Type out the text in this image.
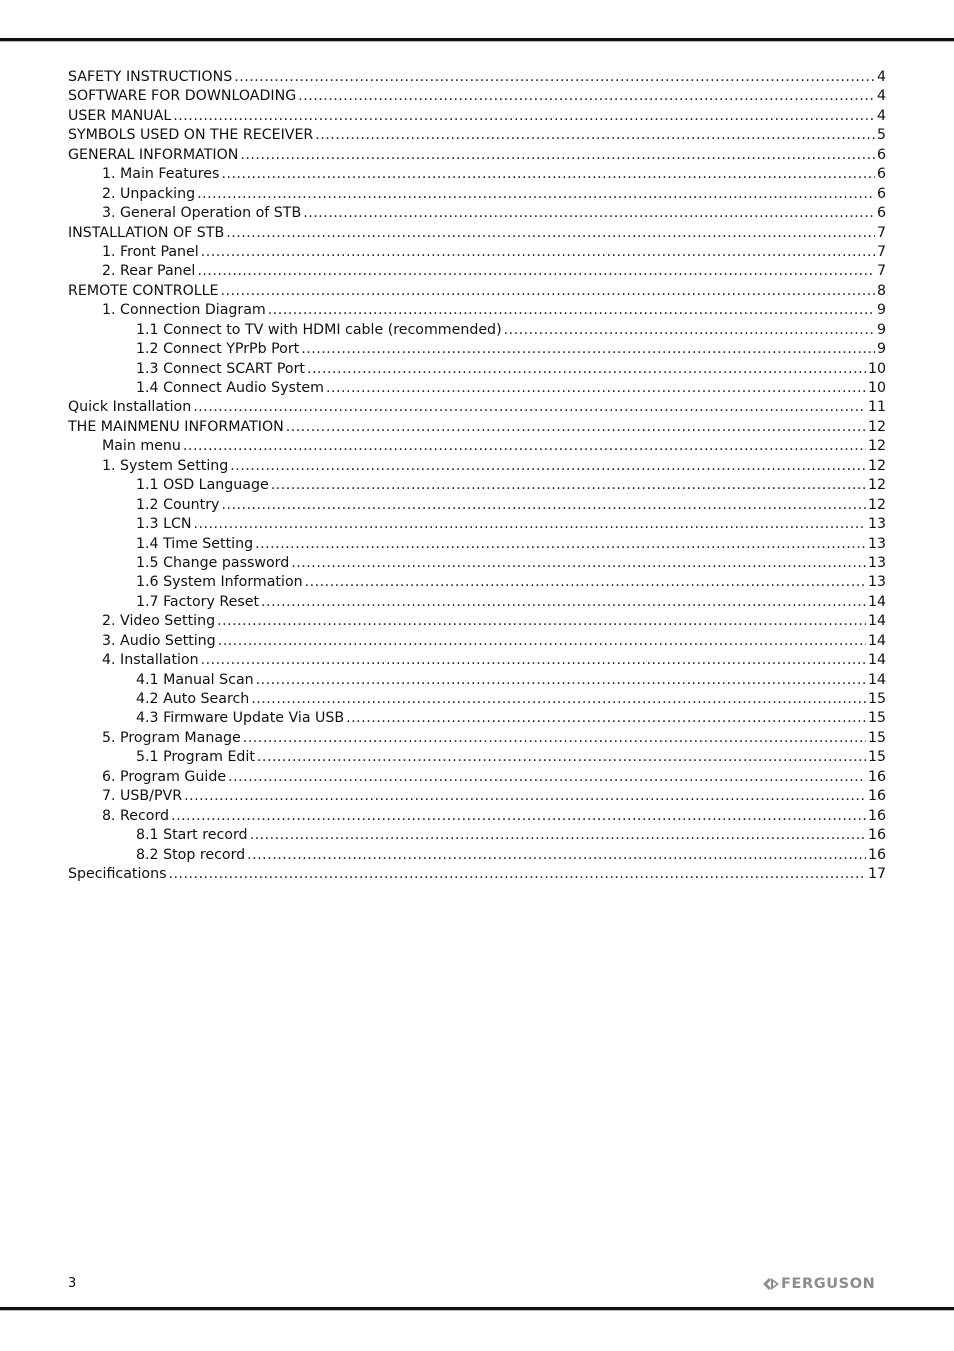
SAFETY INSTRUCTIONS .....	4
SOFTWARE FOR DOWNLOADING .....	4
USER MANUAL .....	4
SYMBOLS USED ON THE RECEIVER .....	5
GENERAL INFORMATION .....	6
1. Main Features .....	6
2. Unpacking .....	6
3. General Operation of STB .....	6
INSTALLATION OF STB .....	7
1. Front Panel .....	7
2. Rear Panel .....	7
REMOTE CONTROLLE .....	8
1. Connection Diagram .....	9
1.1 Connect to TV with HDMI cable (recommended) .....	9
1.2 Connect YPrPb Port .....	9
1.3 Connect SCART Port .....	10
1.4 Connect Audio System .....	10
Quick Installation .....	11
THE MAINMENU INFORMATION .....	12
Main menu .....	12
1. System Setting .....	12
1.1 OSD Language .....	12
1.2 Country .....	12
1.3 LCN .....	13
1.4 Time Setting .....	13
1.5 Change password .....	13
1.6 System Information .....	13
1.7 Factory Reset .....	14
2. Video Setting .....	14
3. Audio Setting .....	14
4. Installation .....	14
4.1 Manual Scan .....	14
4.2 Auto Search .....	15
4.3 Firmware Update Via USB .....	15
5. Program Manage .....	15
5.1 Program Edit .....	15
6. Program Guide .....	16
7. USB/PVR .....	16
8. Record .....	16
8.1 Start record .....	16
8.2 Stop record .....	16
Specifications .....	17
3	FERGUSON
